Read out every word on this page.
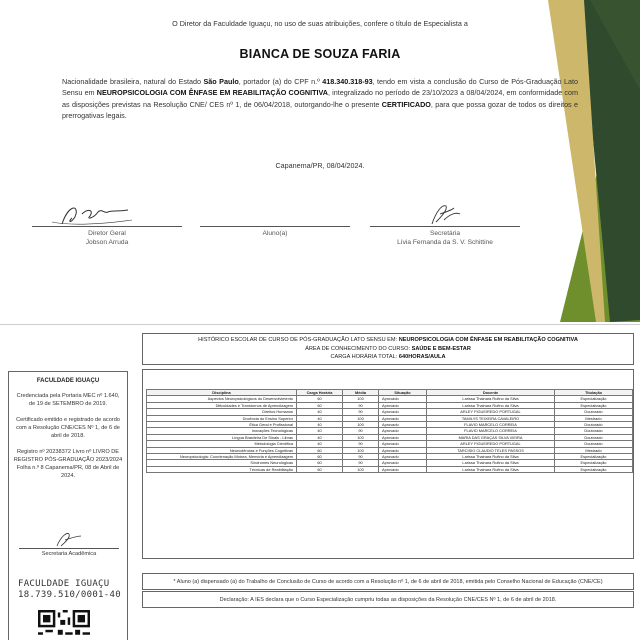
O Diretor da Faculdade Iguaçu, no uso de suas atribuições, confere o título de Especialista a
BIANCA DE SOUZA FARIA
Nacionalidade brasileira, natural do Estado São Paulo, portador (a) do CPF n.º 418.340.318-93, tendo em vista a conclusão do Curso de Pós-Graduação Lato Sensu em NEUROPSICOLOGIA COM ÊNFASE EM REABILITAÇÃO COGNITIVA, integralizado no período de 23/10/2023 a 08/04/2024, em conformidade com as disposições previstas na Resolução CNE/ CES nº 1, de 06/04/2018, outorgando-lhe o presente CERTIFICADO, para que possa gozar de todos os direitos e prerrogativas legais.
Capanema/PR, 08/04/2024.
Diretor Geral
Jobson Arruda
Aluno(a)	Secretária
Lívia Fernanda da S. V. Schittine
FACULDADE IGUAÇU
Credenciada pela Portaria MEC nº 1.640, de 19 de SETEMBRO de 2019.
Certificado emitido e registrado de acordo com a Resolução CNE/CES Nº 1, de 6 de abril de 2018.
Registro nº 20238372 Livro nº LIVRO DE REGISTRO PÓS-GRADUAÇÃO 2023/2024 Folha n.º 8 Capanema/PR, 08 de Abril de 2024.
Secretaria Acadêmica
FACULDADE IGUAÇU
18.739.510/0001-40
HISTÓRICO ESCOLAR DE CURSO DE PÓS-GRADUAÇÃO LATO SENSU EM: NEUROPSICOLOGIA COM ÊNFASE EM REABILITAÇÃO COGNITIVA
ÁREA DE CONHECIMENTO DO CURSO: SAÚDE E BEM-ESTAR
CARGA HORÁRIA TOTAL: 640HORAS/AULA
Disciplina	Carga Horária	Média	Situação	Docente	Titulação
Aspectos Neuropsicológicos do Desenvolvimento	60	100	Aprovado	Larissa Thainara Rufino da Silva	Especialização
Dificuldades e Transtornos de Aprendizagem	60	90	Aprovado	Larissa Thainara Rufino da Silva	Especialização
Direitos Humanos	40	90	Aprovado	ARLEY FIGUEIREDO PORTUGAL	Doutorado
Docência do Ensino Superior	40	100	Aprovado	TAMILYS TEIXEIRA CAVALEIRO	Mestrado
Ética Geral e Profissional	40	100	Aprovado	FLAVIO MARCELO CORREIA	Doutorado
Inovações Tecnológicas	40	90	Aprovado	FLAVIO MARCELO CORREIA	Doutorado
Língua Brasileira De Sinais - Libras	40	100	Aprovado	MARIA DAS GRAÇAS SILVA VIEIRA	Doutorado
Metodologia Científica	40	90	Aprovado	ARLEY FIGUEIREDO PORTUGAL	Doutorado
Neurociências e Funções Cognitivas	60	100	Aprovado	TARCISIO CLAUDIO TELES PASSOS	Mestrado
Neuropsicologia: Coordenação Motora, Memória e Aprendizagem	60	90	Aprovado	Larissa Thainara Rufino da Silva	Especialização
Síndromes Neurológicas	60	90	Aprovado	Larissa Thainara Rufino da Silva	Especialização
Técnicas de Reabilitação	60	100	Aprovado	Larissa Thainara Rufino da Silva	Especialização
* Aluno (a) dispensado (a) do Trabalho de Conclusão de Curso de acordo com a Resolução nº 1, de 6 de abril de 2018, emitida pelo Conselho Nacional de Educação (CNE/CE)
Declaração: A IES declara que o Curso Especialização cumpriu todas as disposições da Resolução CNE/CES Nº 1, de 6 de abril de 2018.
